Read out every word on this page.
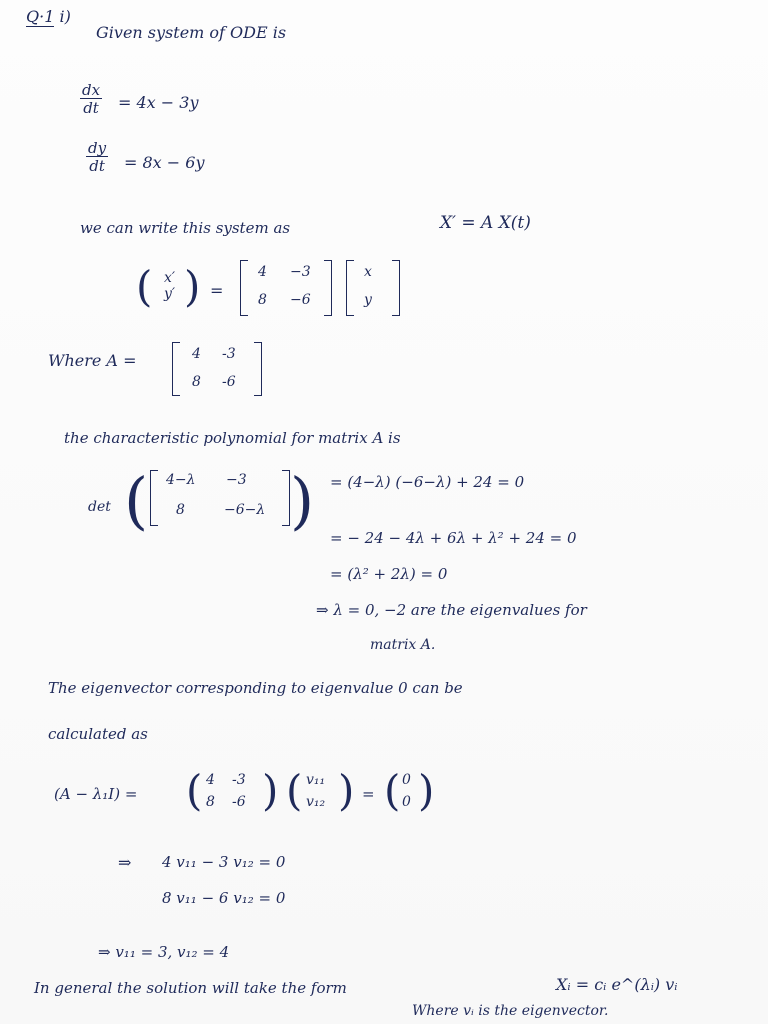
Q·1 i)
Given system of ODE is
$\frac{dx}{dt} = 4x - 3y$
$\frac{dy}{dt} = 8x - 6y$
we can write this system as	X′ = A X(t)
( x′
y′ ) =
4 −3
8 −6
x
y
Where A =	4 -3
8 -6
the characteristic polynomial for matrix A is
det ( 4−λ −3
8	−6−λ ) = (4−λ) (−6−λ) + 24 = 0
= − 24 − 4λ + 6λ + λ² + 24 = 0
= (λ² + 2λ) = 0
⇒ λ = 0, −2 are the eigenvalues for
matrix A.
The eigenvector corresponding to eigenvalue 0 can be
calculated as
(A − λ₁I) = ( 4 -3
8 -6 ) ( v₁₁
v₁₂ ) = ( 0
0 )
⇒ 4 v₁₁ − 3 v₁₂ = 0
8 v₁₁ − 6 v₁₂ = 0
⇒ v₁₁ = 3, v₁₂ = 4
In general the solution will take the form	Xᵢ = cᵢ e^(λᵢ) vᵢ
Where vᵢ is the eigenvector.
